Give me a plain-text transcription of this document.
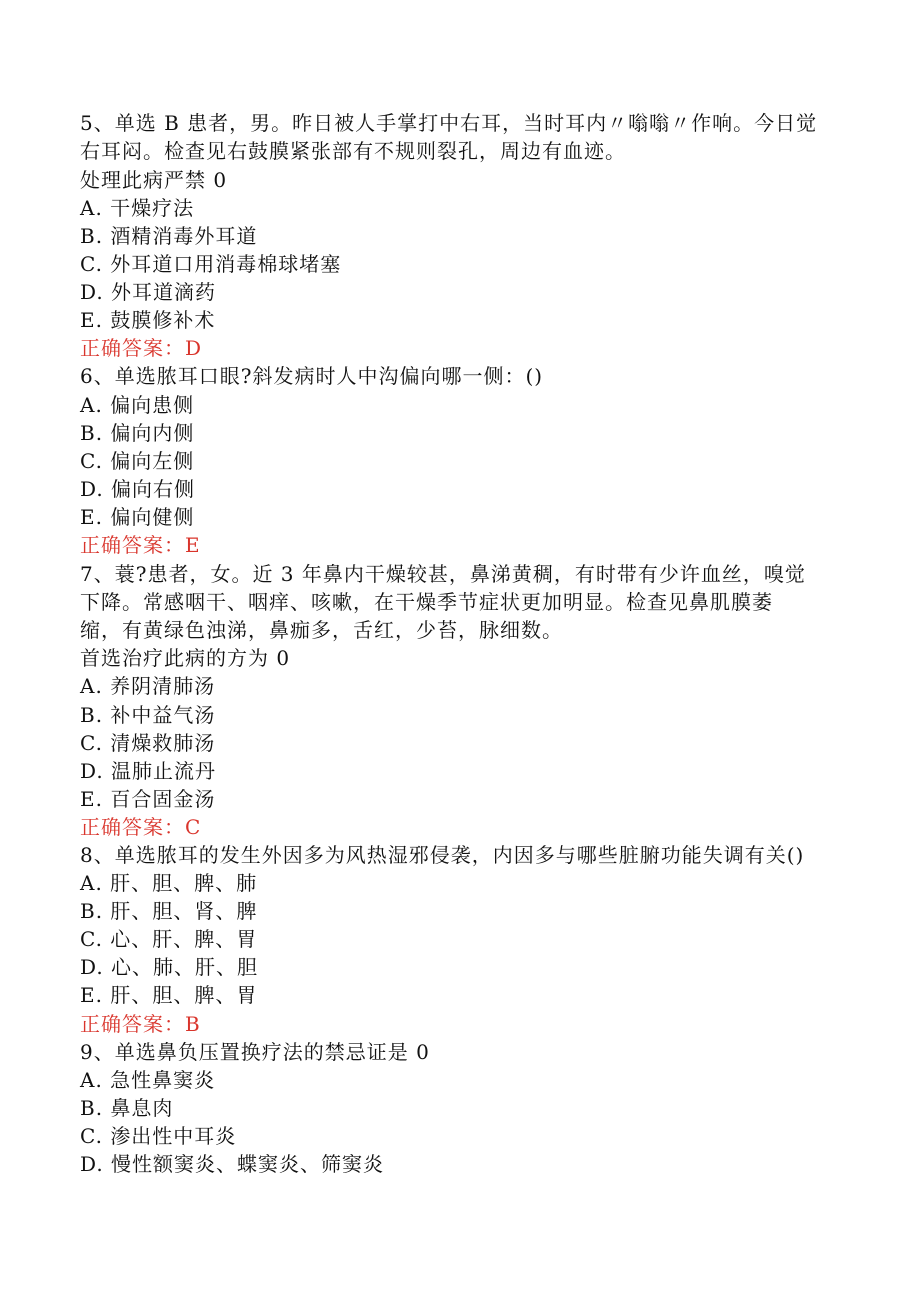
5、单选 B 患者，男。昨日被人手掌打中右耳，当时耳内〃嗡嗡〃作响。今日觉
右耳闷。检查见右鼓膜紧张部有不规则裂孔，周边有血迹。
处理此病严禁 0
A. 干燥疗法
B. 酒精消毒外耳道
C. 外耳道口用消毒棉球堵塞
D. 外耳道滴药
E. 鼓膜修补术
正确答案：D
6、单选脓耳口眼?斜发病时人中沟偏向哪一侧：()
A. 偏向患侧
B. 偏向内侧
C. 偏向左侧
D. 偏向右侧
E. 偏向健侧
正确答案：E
7、蓑?患者，女。近 3 年鼻内干燥较甚，鼻涕黄稠，有时带有少许血丝，嗅觉
下降。常感咽干、咽痒、咳嗽，在干燥季节症状更加明显。检查见鼻肌膜萎
缩，有黄绿色浊涕，鼻痂多，舌红，少苔，脉细数。
首选治疗此病的方为 0
A. 养阴清肺汤
B. 补中益气汤
C. 清燥救肺汤
D. 温肺止流丹
E. 百合固金汤
正确答案：C
8、单选脓耳的发生外因多为风热湿邪侵袭，内因多与哪些脏腑功能失调有关()
A. 肝、胆、脾、肺
B. 肝、胆、肾、脾
C. 心、肝、脾、胃
D. 心、肺、肝、胆
E. 肝、胆、脾、胃
正确答案：B
9、单选鼻负压置换疗法的禁忌证是 0
A. 急性鼻窦炎
B. 鼻息肉
C. 渗出性中耳炎
D. 慢性额窦炎、蝶窦炎、筛窦炎
